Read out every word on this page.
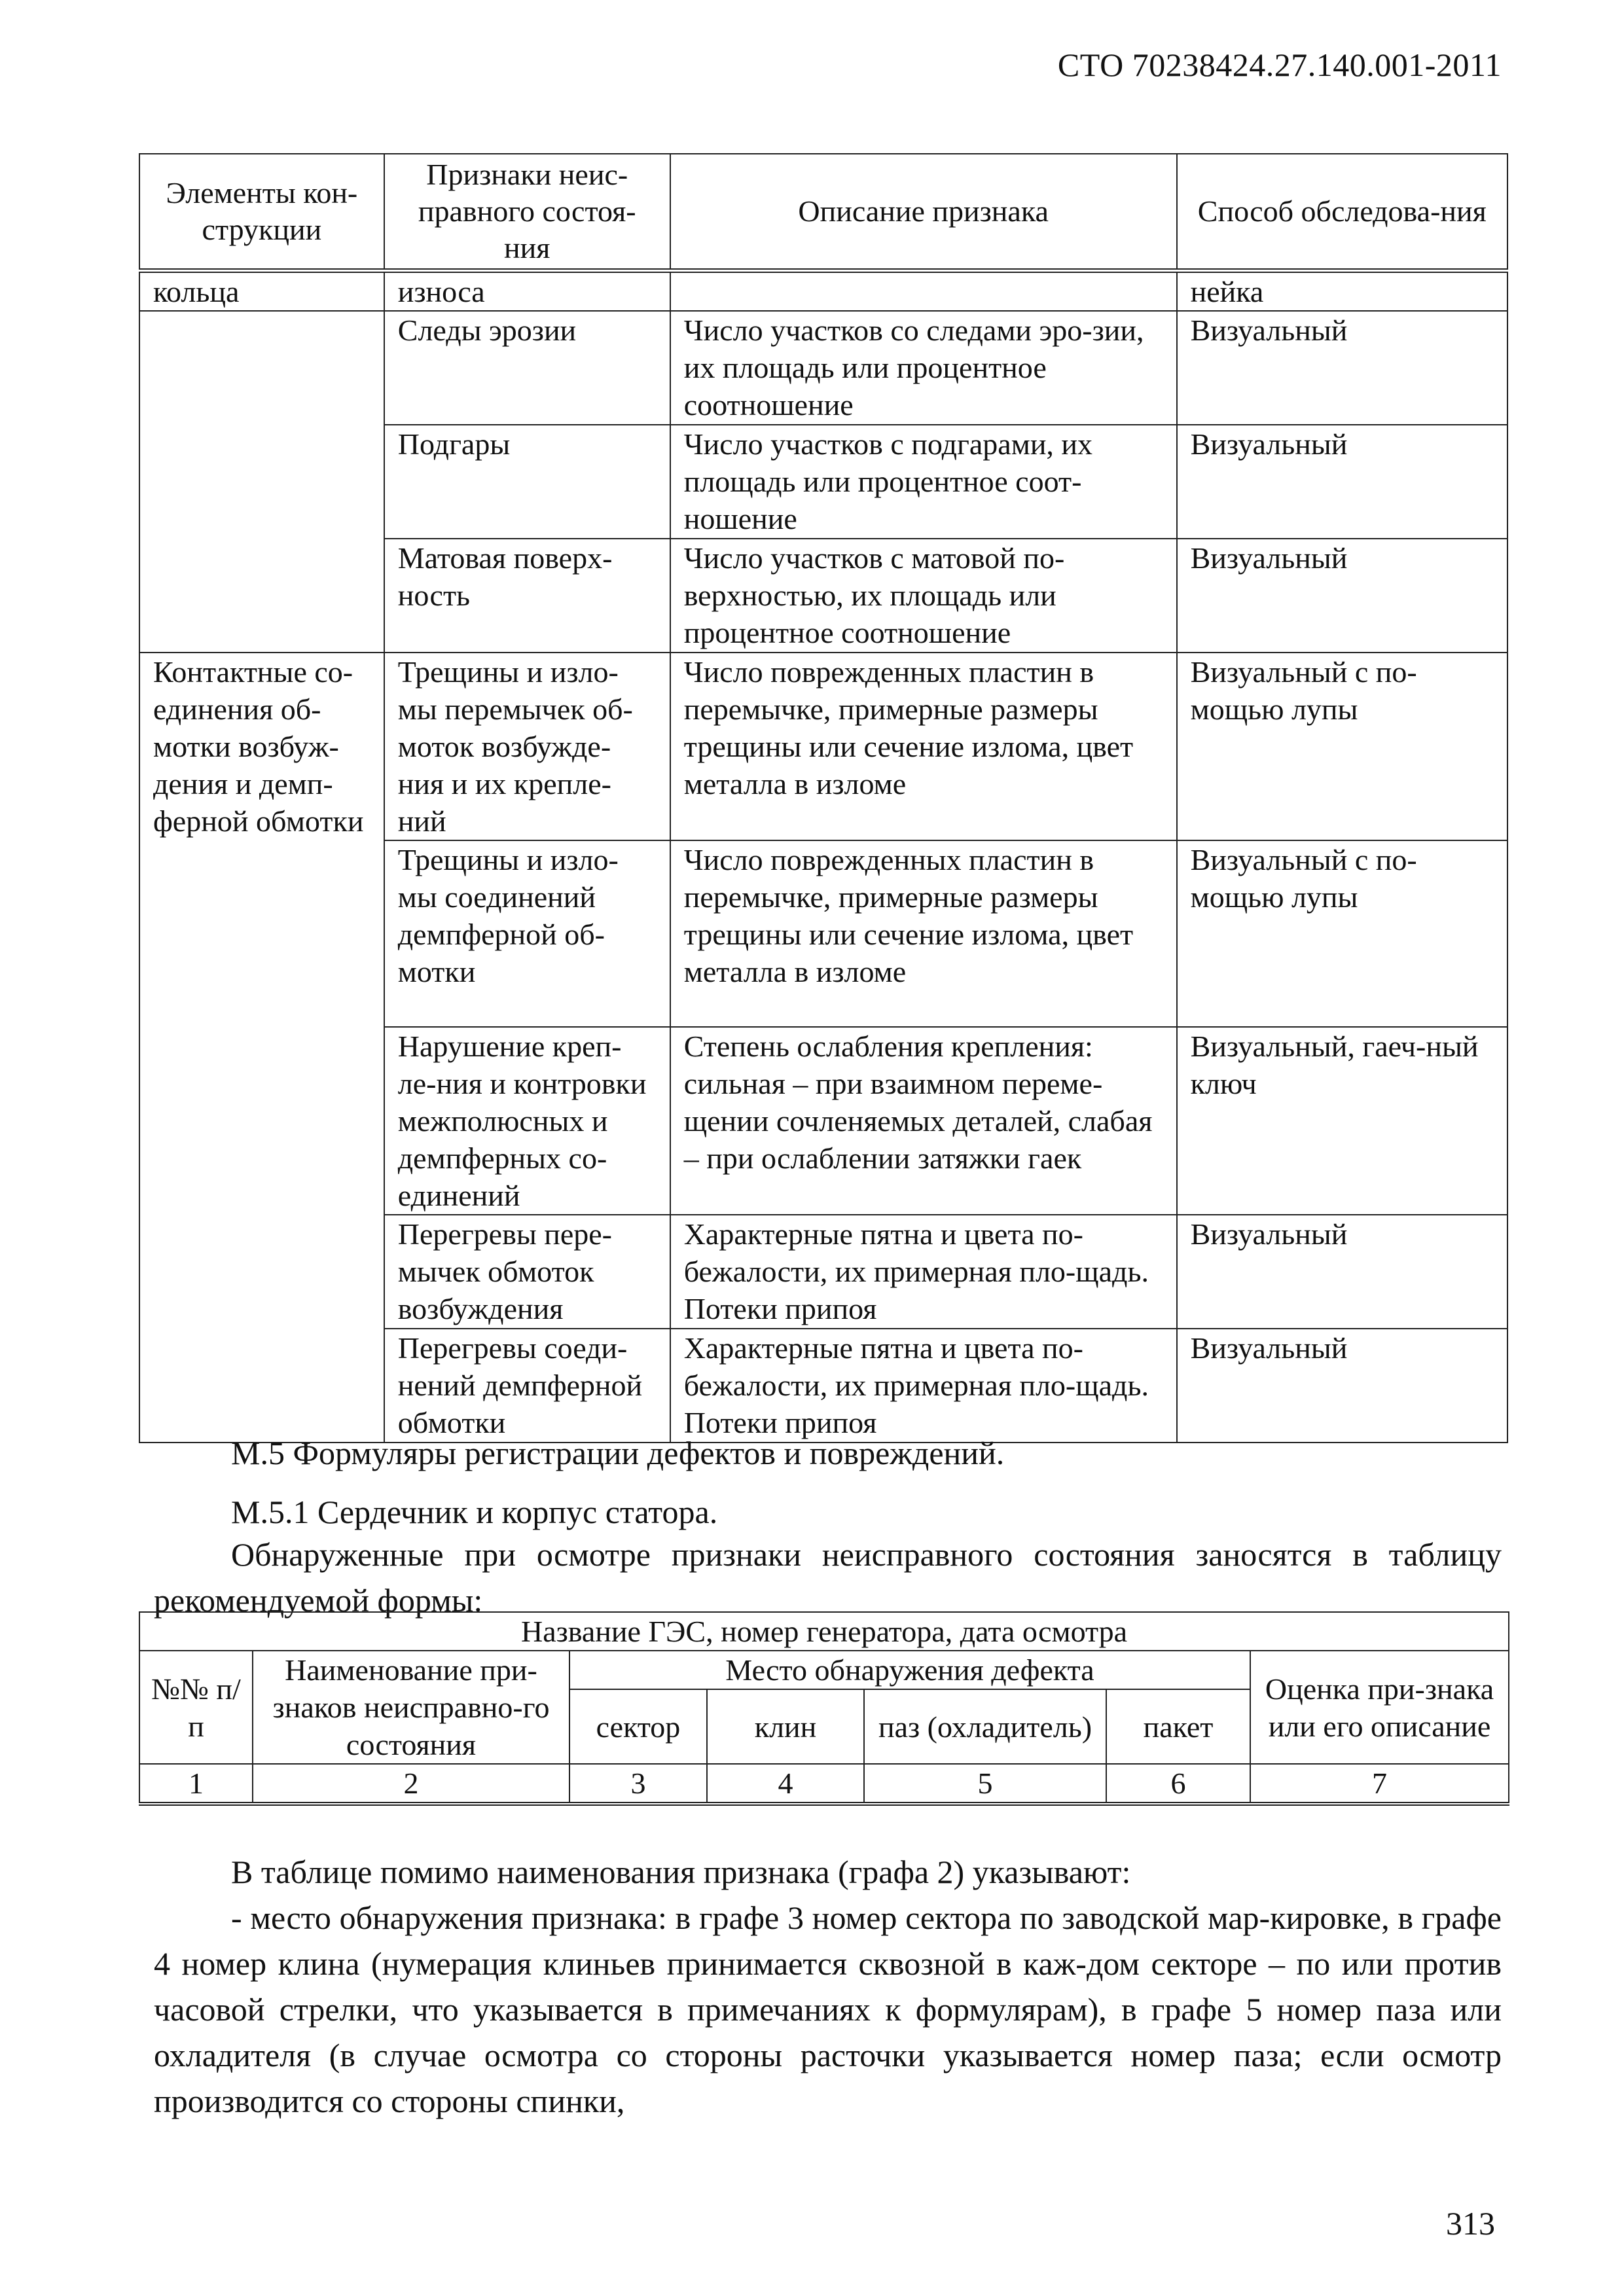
СТО 70238424.27.140.001-2011
Элементы кон-струкции	Признаки неис-правного состоя-ния	Описание признака	Способ обследова-ния
кольца	износа		нейка
	Следы эрозии	Число участков со следами эро-зии, их площадь или процентное соотношение	Визуальный
	Подгары	Число участков с подгарами, их площадь или процентное соот-ношение	Визуальный
	Матовая поверх-ность	Число участков с матовой по-верхностью, их площадь или процентное соотношение	Визуальный
Контактные со-единения об-мотки возбуж-дения и демп-ферной обмотки	Трещины и изло-мы перемычек об-моток возбужде-ния и их крепле-ний	Число поврежденных пластин в перемычке, примерные размеры трещины или сечение излома, цвет металла в изломе	Визуальный с по-мощью лупы
	Трещины и изло-мы соединений демпферной об-мотки	Число поврежденных пластин в перемычке, примерные размеры трещины или сечение излома, цвет металла в изломе	Визуальный с по-мощью лупы
	Нарушение креп-ле-ния и контровки межполюсных и демпферных со-единений	Степень ослабления крепления: сильная – при взаимном переме-щении сочленяемых деталей, слабая – при ослаблении затяжки гаек	Визуальный, гаеч-ный ключ
	Перегревы пере-мычек обмоток возбуждения	Характерные пятна и цвета по-бежалости, их примерная пло-щадь. Потеки припоя	Визуальный
	Перегревы соеди-нений демпферной обмотки	Характерные пятна и цвета по-бежалости, их примерная пло-щадь. Потеки припоя	Визуальный

М.5 Формуляры регистрации дефектов и повреждений.

М.5.1 Сердечник и корпус статора.

Обнаруженные при осмотре признаки неисправного состояния заносятся в таблицу рекомендуемой формы:

Название ГЭС, номер генератора, дата осмотра						
№№ п/п	Наименование при-знаков неисправно-го состояния	Место обнаружения дефекта				Оценка при-знака или его описание
		сектор	клин	паз (охладитель)	пакет	
1	2	3	4	5	6	7

В таблице помимо наименования признака (графа 2) указывают:

- место обнаружения признака: в графе 3 номер сектора по заводской мар-кировке, в графе 4 номер клина (нумерация клиньев принимается сквозной в каж-дом секторе – по или против часовой стрелки, что указывается в примечаниях к формулярам), в графе 5 номер паза или охладителя (в случае осмотра со стороны расточки указывается номер паза; если осмотр производится со стороны спинки,

313
